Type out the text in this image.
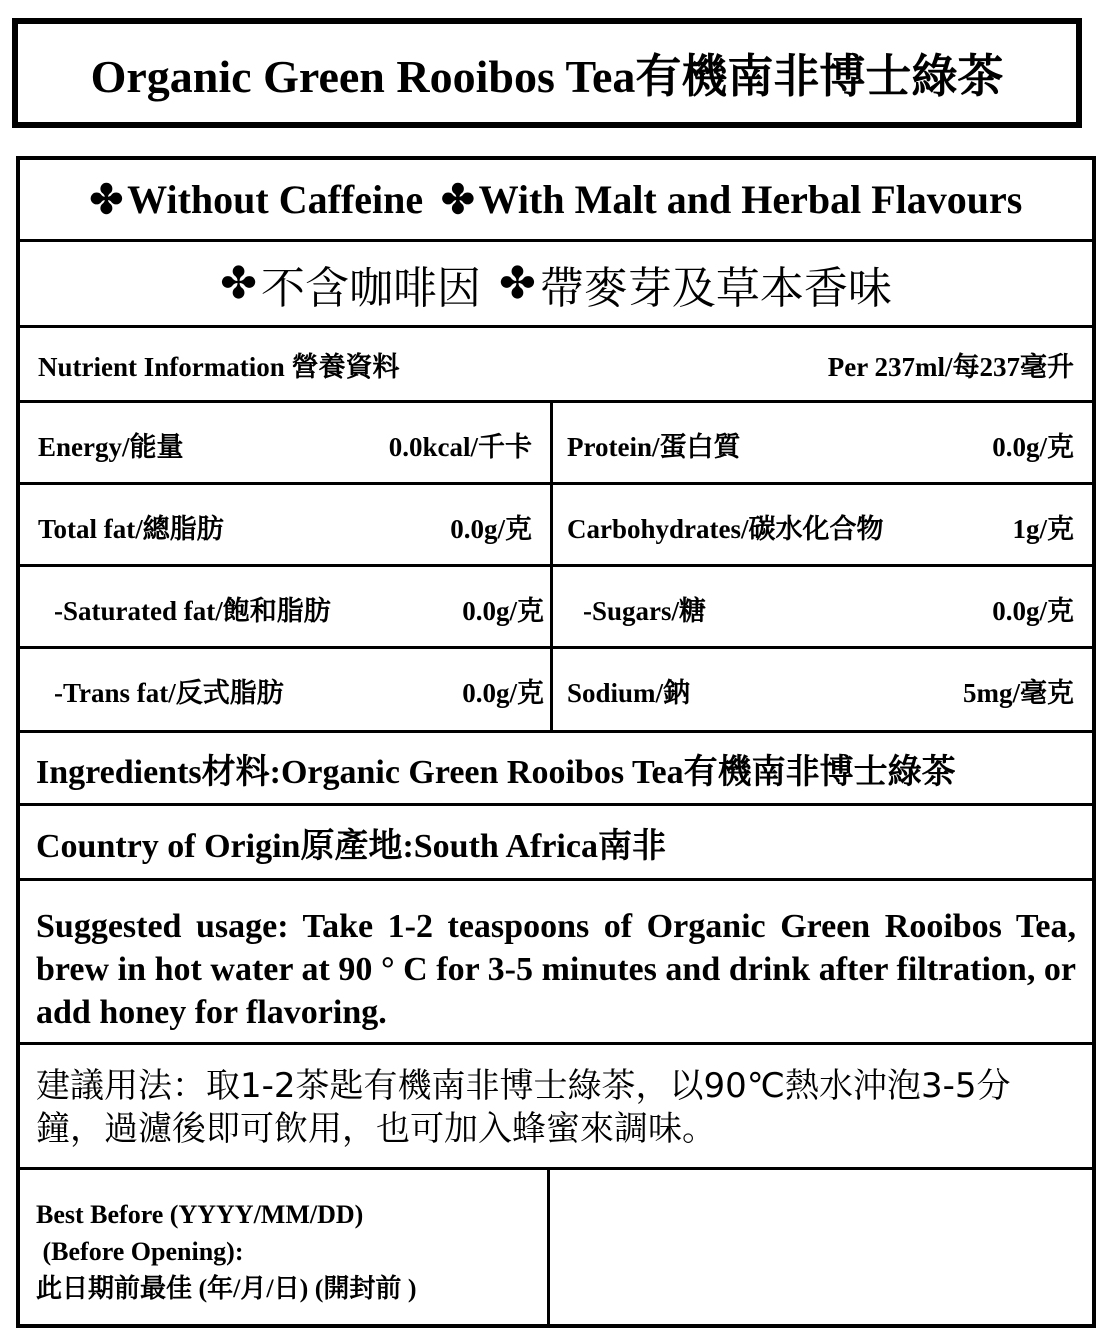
Organic Green Rooibos Tea有機南非博士綠茶
✤ Without Caffeine ✤ With Malt and Herbal Flavours
✤ 不含咖啡因 ✤ 帶麥芽及草本香味
Nutrient Information 營養資料	Per 237ml/每237毫升
Energy/能量	0.0kcal/千卡 Protein/蛋白質	0.0g/克
Total fat/總脂肪	0.0g/克 Carbohydrates/碳水化合物	1g/克
-Saturated fat/飽和脂肪	0.0g/克 -Sugars/糖	0.0g/克
-Trans fat/反式脂肪	0.0g/克 Sodium/鈉	5mg/毫克
Ingredients材料:Organic Green Rooibos Tea有機南非博士綠茶
Country of Origin原產地:South Africa南非
Suggested usage: Take 1-2 teaspoons of Organic Green Rooibos Tea, brew in hot water at 90 ° C for 3-5 minutes and drink after filtration, or add honey for flavoring.
建議用法：取1-2茶匙有機南非博士綠茶，以90℃熱水沖泡3-5分鐘，過濾後即可飲用，也可加入蜂蜜來調味。
Best Before (YYYY/MM/DD)
(Before Opening):
此日期前最佳 (年/月/日) (開封前 )
